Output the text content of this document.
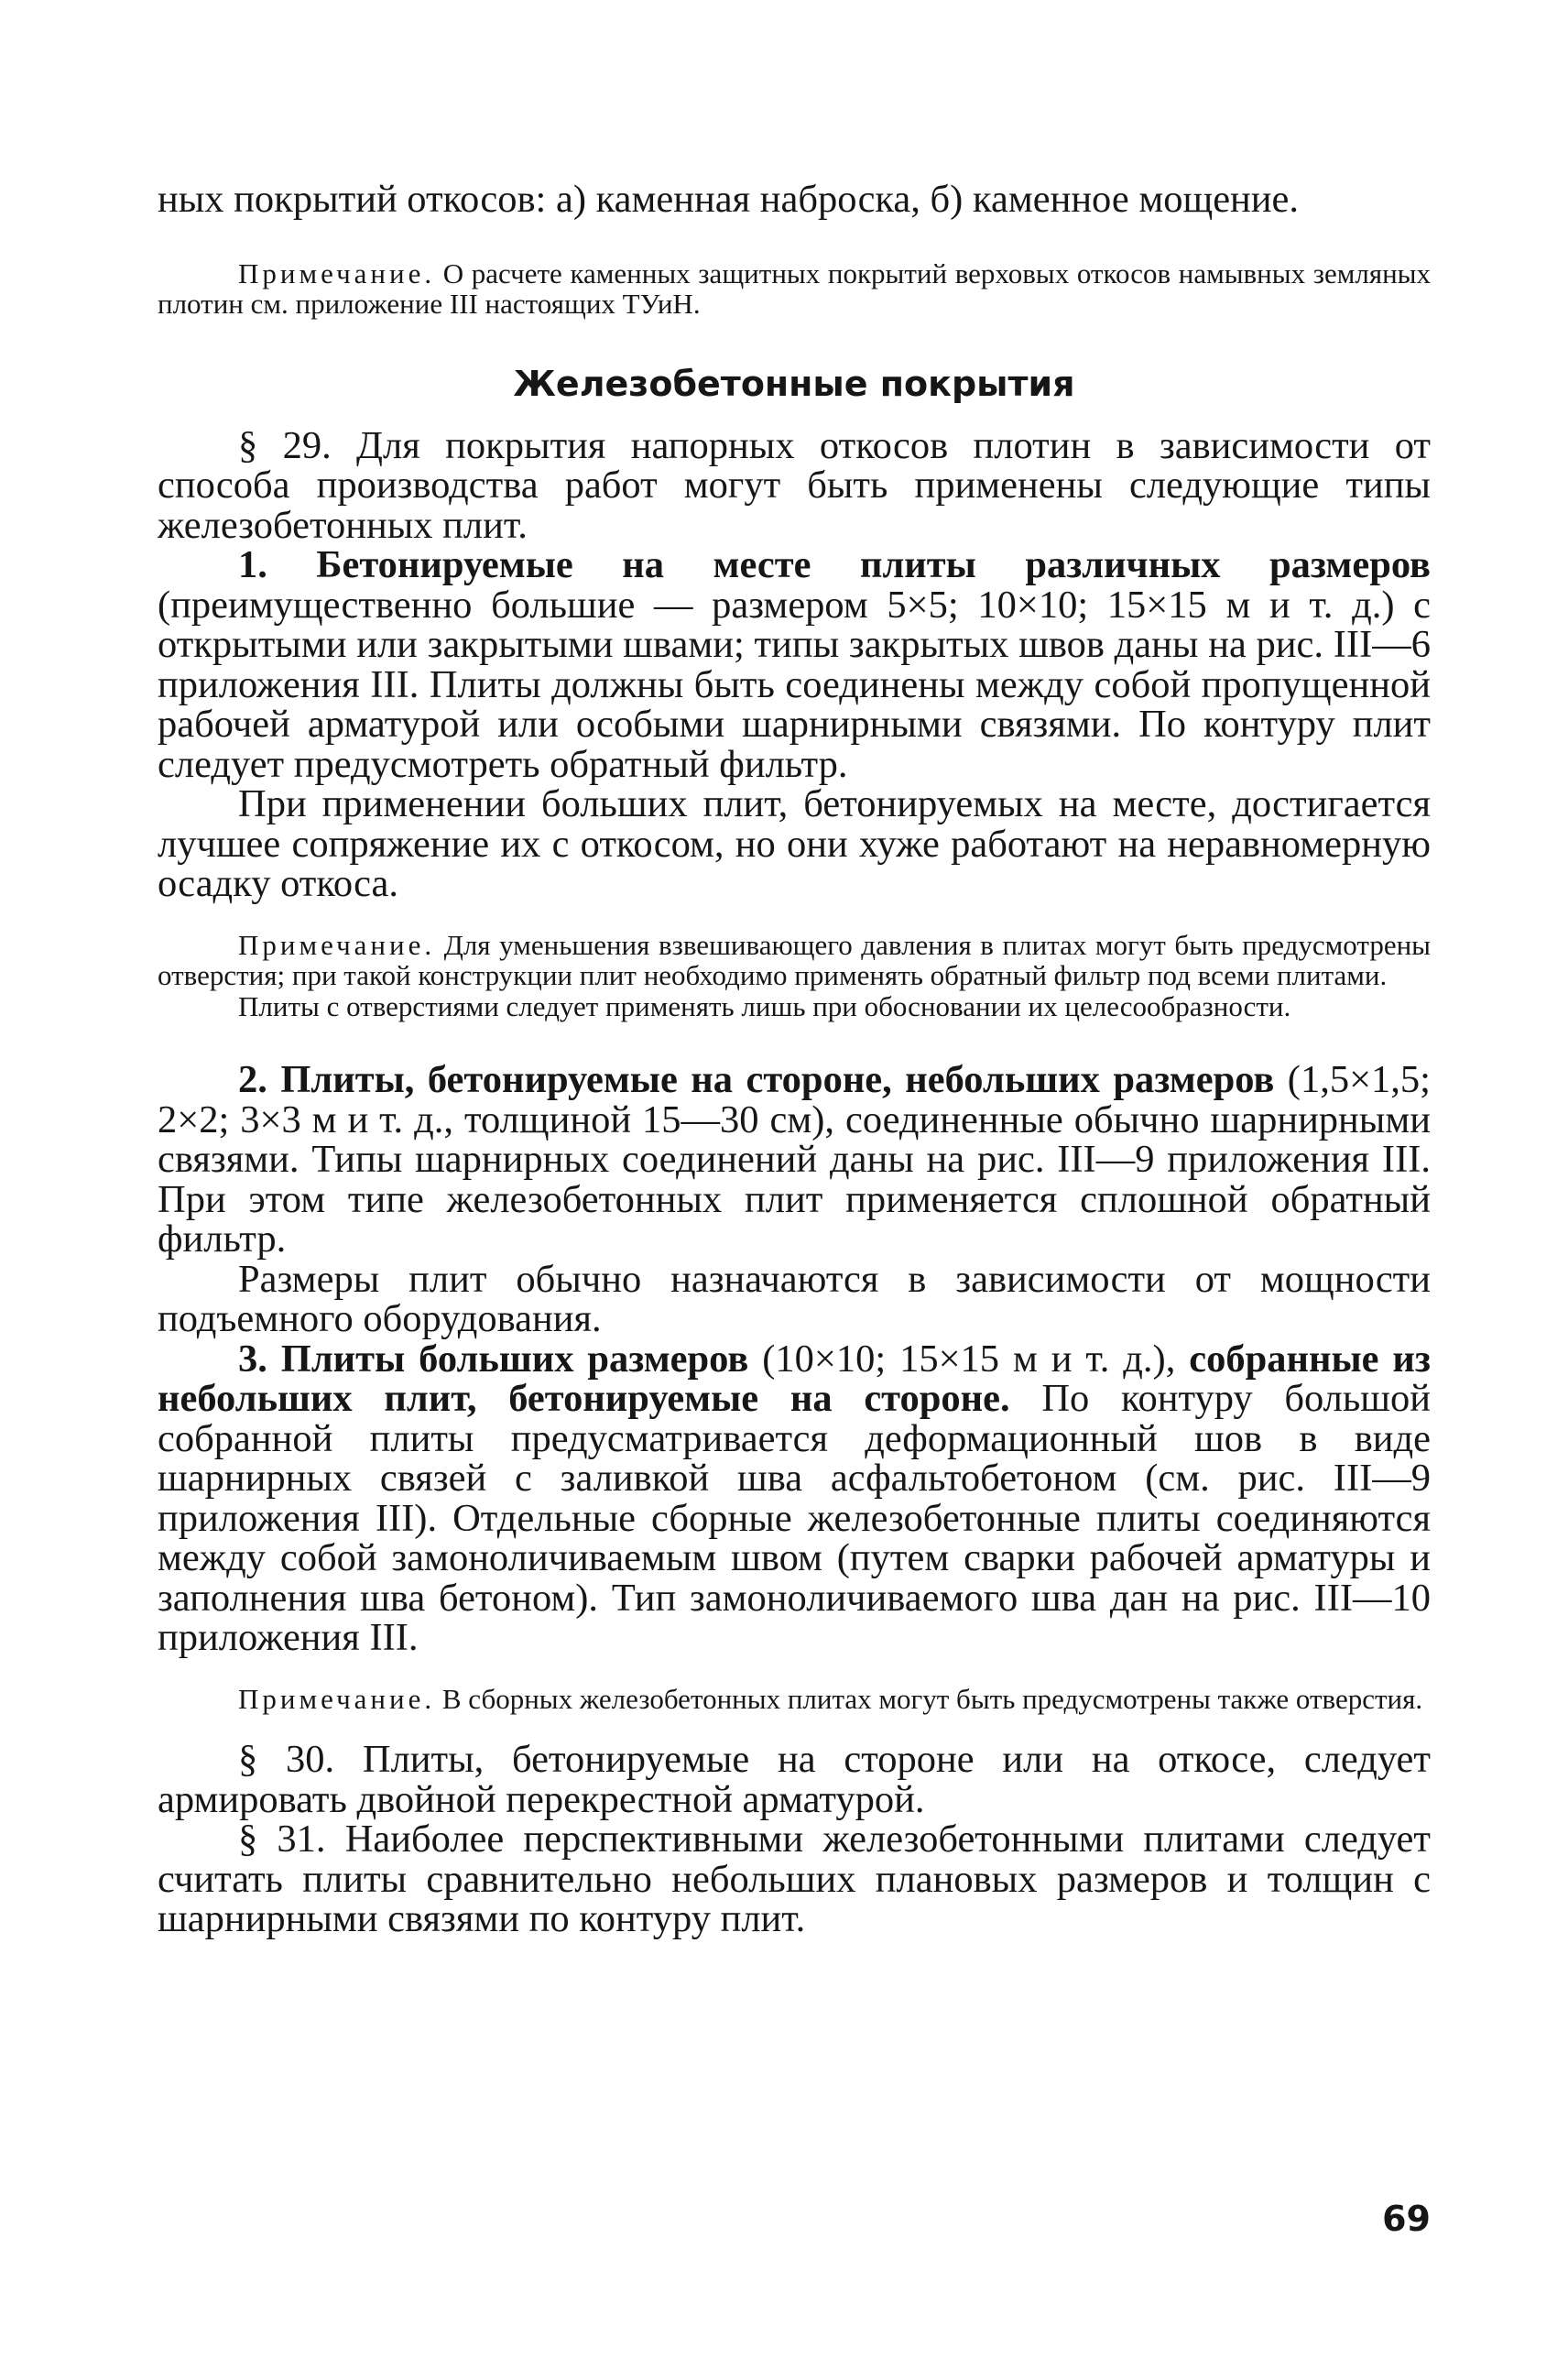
ных покрытий откосов: а) каменная наброска, б) каменное мощение.

Примечание. О расчете каменных защитных покрытий верховых откосов намывных земляных плотин см. приложение III настоящих ТУиН.

Железобетонные покрытия

§ 29. Для покрытия напорных откосов плотин в зависимости от способа производства работ могут быть применены следующие типы железобетонных плит.

1. Бетонируемые на месте плиты различных размеров (преимущественно большие — размером 5×5; 10×10; 15×15 м и т. д.) с открытыми или закрытыми швами; типы закрытых швов даны на рис. III—6 приложения III. Плиты должны быть соединены между собой пропущенной рабочей арматурой или особыми шарнирными связями. По контуру плит следует предусмотреть обратный фильтр.

При применении больших плит, бетонируемых на месте, достигается лучшее сопряжение их с откосом, но они хуже работают на неравномерную осадку откоса.

Примечание. Для уменьшения взвешивающего давления в плитах могут быть предусмотрены отверстия; при такой конструкции плит необходимо применять обратный фильтр под всеми плитами.

Плиты с отверстиями следует применять лишь при обосновании их целесообразности.

2. Плиты, бетонируемые на стороне, небольших размеров (1,5×1,5; 2×2; 3×3 м и т. д., толщиной 15—30 см), соединенные обычно шарнирными связями. Типы шарнирных соединений даны на рис. III—9 приложения III. При этом типе железобетонных плит применяется сплошной обратный фильтр.

Размеры плит обычно назначаются в зависимости от мощности подъемного оборудования.

3. Плиты больших размеров (10×10; 15×15 м и т. д.), собранные из небольших плит, бетонируемые на стороне. По контуру большой собранной плиты предусматривается деформационный шов в виде шарнирных связей с заливкой шва асфальтобетоном (см. рис. III—9 приложения III). Отдельные сборные железобетонные плиты соединяются между собой замоноличиваемым швом (путем сварки рабочей арматуры и заполнения шва бетоном). Тип замоноличиваемого шва дан на рис. III—10 приложения III.

Примечание. В сборных железобетонных плитах могут быть предусмотрены также отверстия.

§ 30. Плиты, бетонируемые на стороне или на откосе, следует армировать двойной перекрестной арматурой.

§ 31. Наиболее перспективными железобетонными плитами следует считать плиты сравнительно небольших плановых размеров и толщин с шарнирными связями по контуру плит.

69
